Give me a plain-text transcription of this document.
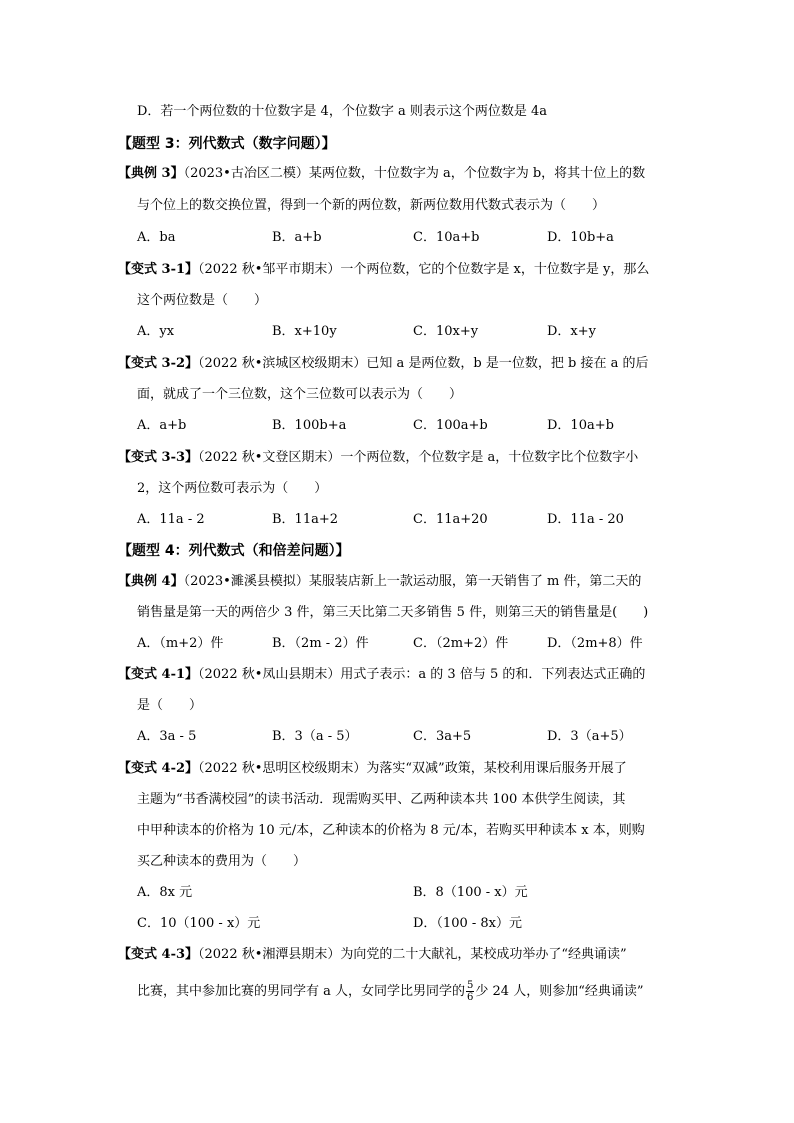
D．若一个两位数的十位数字是 4，个位数字 a 则表示这个两位数是 4a
【题型 3：列代数式（数字问题）】
【典例 3】（2023•古冶区二模）某两位数，十位数字为 a，个位数字为 b，将其十位上的数
与个位上的数交换位置，得到一个新的两位数，新两位数用代数式表示为（　　）
A．ba	B．a+b	C．10a+b	D．10b+a
【变式 3-1】（2022 秋•邹平市期末）一个两位数，它的个位数字是 x，十位数字是 y，那么
这个两位数是（　　）
A．yx	B．x+10y	C．10x+y	D．x+y
【变式 3-2】（2022 秋•滨城区校级期末）已知 a 是两位数，b 是一位数，把 b 接在 a 的后
面，就成了一个三位数，这个三位数可以表示为（　　）
A．a+b	B．100b+a	C．100a+b	D．10a+b
【变式 3-3】（2022 秋•文登区期末）一个两位数，个位数字是 a，十位数字比个位数字小
2，这个两位数可表示为（　　）
A．11a - 2	B．11a+2	C．11a+20	D．11a - 20
【题型 4：列代数式（和倍差问题）】
【典例 4】（2023•濉溪县模拟）某服装店新上一款运动服，第一天销售了 m 件，第二天的
销售量是第一天的两倍少 3 件，第三天比第二天多销售 5 件，则第三天的销售量是(　　)
A．（m+2）件	B．（2m - 2）件	C．（2m+2）件	D．（2m+8）件
【变式 4-1】（2022 秋•凤山县期末）用式子表示：a 的 3 倍与 5 的和．下列表达式正确的
是（　　）
A．3a - 5	B．3（a - 5）	C．3a+5	D．3（a+5）
【变式 4-2】（2022 秋•思明区校级期末）为落实“双减”政策，某校利用课后服务开展了
主题为“书香满校园”的读书活动．现需购买甲、乙两种读本共 100 本供学生阅读，其
中甲种读本的价格为 10 元/本，乙种读本的价格为 8 元/本，若购买甲种读本 x 本，则购
买乙种读本的费用为（　　）
A．8x 元	B．8（100 - x）元
C．10（100 - x）元	D．（100 - 8x）元
【变式 4-3】（2022 秋•湘潭县期末）为向党的二十大献礼，某校成功举办了“经典诵读”
比赛，其中参加比赛的男同学有 a 人，女同学比男同学的 $\frac{5}{6}$ 少 24 人，则参加“经典诵读”
